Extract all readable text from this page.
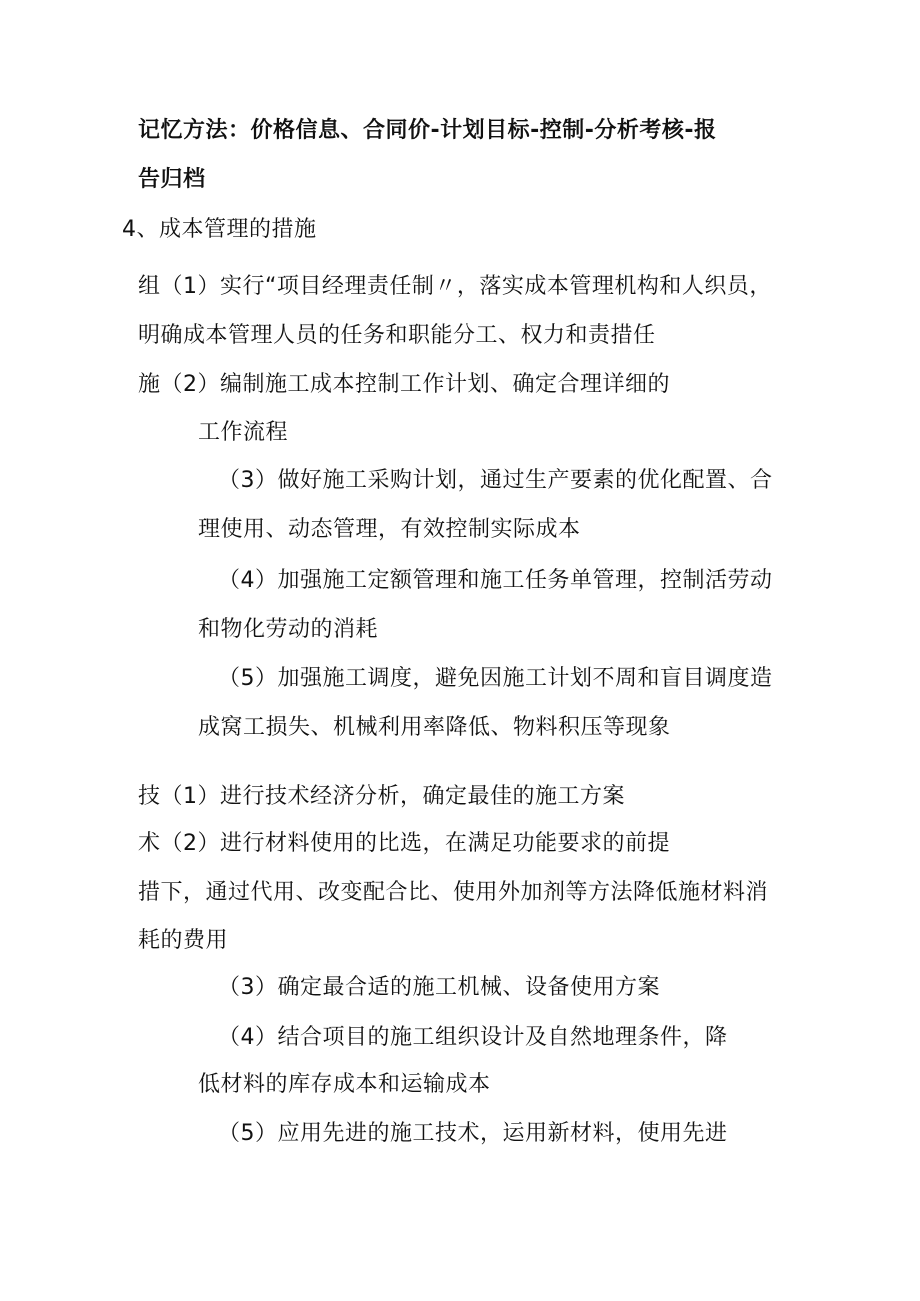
记忆方法：价格信息、合同价-计划目标-控制-分析考核-报
告归档
4、成本管理的措施
组（1）实行“项目经理责任制〃，落实成本管理机构和人织员，
明确成本管理人员的任务和职能分工、权力和责措任
施（2）编制施工成本控制工作计划、确定合理详细的
工作流程
（3）做好施工采购计划，通过生产要素的优化配置、合
理使用、动态管理，有效控制实际成本
（4）加强施工定额管理和施工任务单管理，控制活劳动
和物化劳动的消耗
（5）加强施工调度，避免因施工计划不周和盲目调度造
成窝工损失、机械利用率降低、物料积压等现象
技（1）进行技术经济分析，确定最佳的施工方案
术（2）进行材料使用的比选，在满足功能要求的前提
措下，通过代用、改变配合比、使用外加剂等方法降低施材料消
耗的费用
（3）确定最合适的施工机械、设备使用方案
（4）结合项目的施工组织设计及自然地理条件，降
低材料的库存成本和运输成本
（5）应用先进的施工技术，运用新材料，使用先进
